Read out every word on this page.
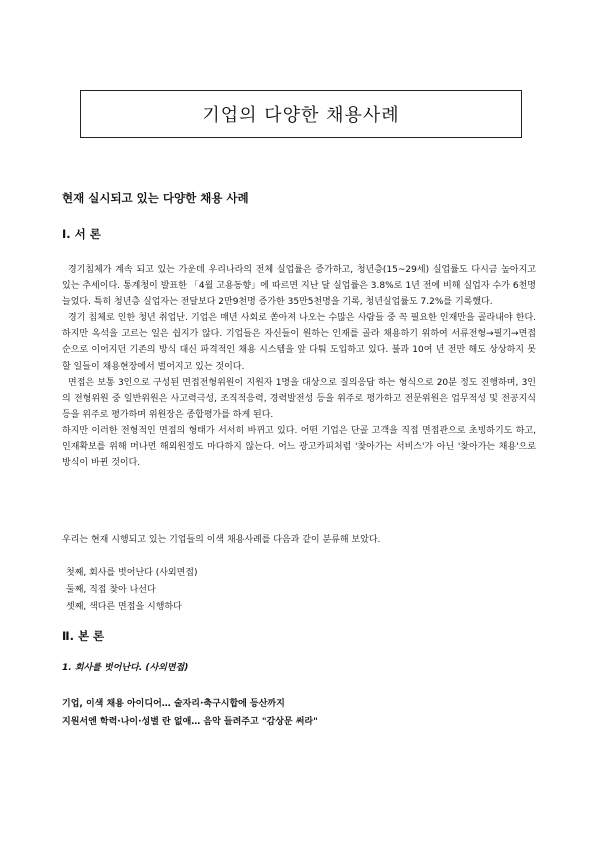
기업의 다양한 채용사례
현재 실시되고 있는 다양한 채용 사례
Ⅰ. 서 론

경기침체가 계속 되고 있는 가운데 우리나라의 전체 실업률은 증가하고, 청년층(15~29세) 실업률도 다시금 높아지고 있는 추세이다. 통계청이 발표한 「4월 고용동향」에 따르면 지난 달 실업률은 3.8%로 1년 전에 비해 실업자 수가 6천명 늘었다. 특히 청년층 실업자는 전달보다 2만9천명 증가한 35만5천명을 기록, 청년실업률도 7.2%를 기록했다.

경기 침체로 인한 청년 취업난. 기업은 매년 사회로 쏟아져 나오는 수많은 사람들 중 꼭 필요한 인재만을 골라내야 한다. 하지만 옥석을 고르는 일은 쉽지가 않다. 기업들은 자신들이 원하는 인재를 골라 채용하기 위하여 서류전형→필기→면접 순으로 이어지던 기존의 방식 대신 파격적인 채용 시스템을 앞 다퉈 도입하고 있다. 불과 10여 년 전만 해도 상상하지 못할 일들이 채용현장에서 벌어지고 있는 것이다.

면접은 보통 3인으로 구성된 면접전형위원이 지원자 1명을 대상으로 질의응답 하는 형식으로 20분 정도 진행하며, 3인의 전형위원 중 일반위원은 사고력극성, 조직적응력, 경력발전성 등을 위주로 평가하고 전문위원은 업무적성 및 전공지식 등을 위주로 평가하며 위원장은 종합평가를 하게 된다.

하지만 이러한 전형적인 면접의 형태가 서서히 바뀌고 있다. 어떤 기업은 단골 고객을 직접 면접관으로 초빙하기도 하고, 인재확보를 위해 머나먼 해외원정도 마다하지 않는다. 어느 광고카피처럼 '찾아가는 서비스'가 아닌 '찾아가는 채용'으로 방식이 바뀐 것이다.

우리는 현재 시행되고 있는 기업들의 이색 채용사례를 다음과 같이 분류해 보았다.
첫째, 회사를 벗어난다 (사외면접)
둘째, 직접 찾아 나선다
셋째, 색다른 면접을 시행하다
Ⅱ. 본 론
1. 회사를 벗어난다. (사외면접)
기업, 이색 채용 아이디어… 술자리·축구시합에 등산까지
지원서엔 학력·나이·성별 란 없애… 음악 들려주고 "감상문 써라"
